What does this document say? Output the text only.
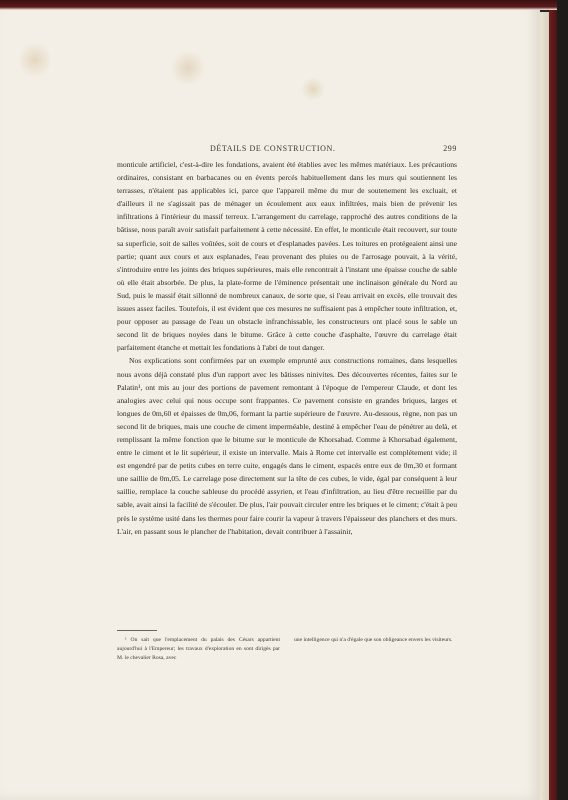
DÉTAILS DE CONSTRUCTION.	299

monticule artificiel, c'est-à-dire les fondations, avaient été établies avec les mêmes matériaux. Les précautions ordinaires, consistant en barbacanes ou en évents percés habituellement dans les murs qui soutiennent les terrasses, n'étaient pas applicables ici, parce que l'appareil même du mur de soutenement les excluait, et d'ailleurs il ne s'agissait pas de ménager un écoulement aux eaux infiltrées, mais bien de prévenir les infiltrations à l'intérieur du massif terreux. L'arrangement du carrelage, rapproché des autres conditions de la bâtisse, nous paraît avoir satisfait parfaitement à cette nécessité. En effet, le monticule était recouvert, sur toute sa superficie, soit de salles voûtées, soit de cours et d'esplanades pavées. Les toitures en protégeaient ainsi une partie; quant aux cours et aux esplanades, l'eau provenant des pluies ou de l'arrosage pouvait, à la vérité, s'introduire entre les joints des briques supérieures, mais elle rencontrait à l'instant une épaisse couche de sable où elle était absorbée. De plus, la plate-forme de l'éminence présentait une inclinaison générale du Nord au Sud, puis le massif était sillonné de nombreux canaux, de sorte que, si l'eau arrivait en excès, elle trouvait des issues assez faciles. Toutefois, il est évident que ces mesures ne suffisaient pas à empêcher toute infiltration, et, pour opposer au passage de l'eau un obstacle infranchissable, les constructeurs ont placé sous le sable un second lit de briques noyées dans le bitume. Grâce à cette couche d'asphalte, l'œuvre du carrelage était parfaitement étanche et mettait les fondations à l'abri de tout danger.

Nos explications sont confirmées par un exemple emprunté aux constructions romaines, dans lesquelles nous avons déjà constaté plus d'un rapport avec les bâtisses ninivites. Des découvertes récentes, faites sur le Palatin¹, ont mis au jour des portions de pavement remontant à l'époque de l'empereur Claude, et dont les analogies avec celui qui nous occupe sont frappantes. Ce pavement consiste en grandes briques, larges et longues de 0m,60 et épaisses de 0m,06, formant la partie supérieure de l'œuvre. Au-dessous, règne, non pas un second lit de briques, mais une couche de ciment imperméable, destiné à empêcher l'eau de pénétrer au delà, et remplissant la même fonction que le bitume sur le monticule de Khorsabad. Comme à Khorsabad également, entre le ciment et le lit supérieur, il existe un intervalle. Mais à Rome cet intervalle est complétement vide; il est engendré par de petits cubes en terre cuite, engagés dans le ciment, espacés entre eux de 0m,30 et formant une saillie de 0m,05. Le carrelage pose directement sur la tête de ces cubes, le vide, égal par conséquent à leur saillie, remplace la couche sableuse du procédé assyrien, et l'eau d'infiltration, au lieu d'être recueillie par du sable, avait ainsi la facilité de s'écouler. De plus, l'air pouvait circuler entre les briques et le ciment; c'était à peu près le système usité dans les thermes pour faire courir la vapeur à travers l'épaisseur des planchers et des murs. L'air, en passant sous le plancher de l'habitation, devait contribuer à l'assainir,

¹ On sait que l'emplacement du palais des Césars appartient aujourd'hui à l'Empereur; les travaux d'exploration en sont dirigés par M. le chevalier Rosa, avec
une intelligence qui n'a d'égale que son obligeance envers les visiteurs.
